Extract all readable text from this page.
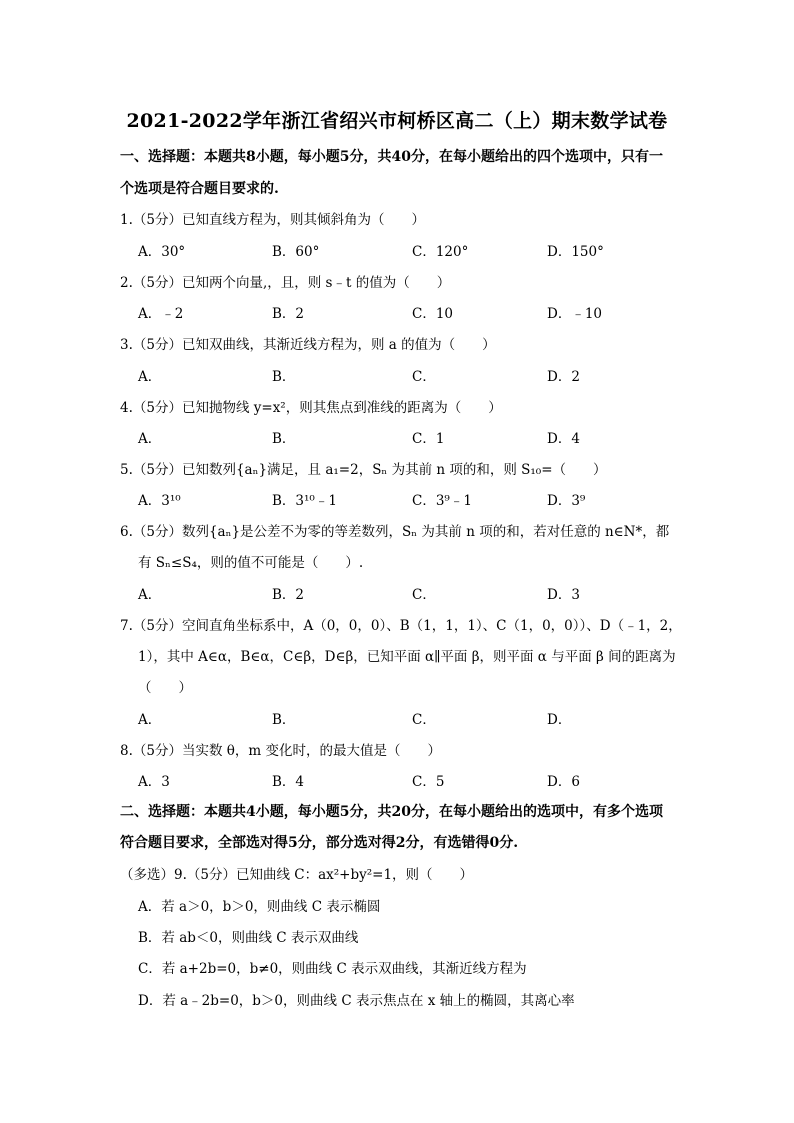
2021-2022学年浙江省绍兴市柯桥区高二（上）期末数学试卷
一、选择题：本题共8小题，每小题5分，共40分，在每小题给出的四个选项中，只有一
个选项是符合题目要求的.
1.（5分）已知直线方程为，则其倾斜角为（　　）
A．30°	B．60°	C．120°	D．150°
2.（5分）已知两个向量,，且，则 s﹣t 的值为（　　）
A．﹣2	B．2	C．10	D．﹣10
3.（5分）已知双曲线，其渐近线方程为，则 a 的值为（　　）
A．	B．	C．	D．2
4.（5分）已知抛物线 y=x²，则其焦点到准线的距离为（　　）
A．	B．	C．1	D．4
5.（5分）已知数列{aₙ}满足，且 a₁=2，Sₙ 为其前 n 项的和，则 S₁₀=（　　）
A．3¹⁰	B．3¹⁰﹣1	C．3⁹﹣1	D．3⁹
6.（5分）数列{aₙ}是公差不为零的等差数列，Sₙ 为其前 n 项的和，若对任意的 n∈N*，都
有 Sₙ≤S₄，则的值不可能是（　　）.
A．	B．2	C．	D．3
7.（5分）空间直角坐标系中，A（0，0，0）、B（1，1，1）、C（1，0，0））、D（﹣1，2，
1），其中 A∈α，B∈α，C∈β，D∈β，已知平面 α∥平面 β，则平面 α 与平面 β 间的距离为
（　　）
A．	B．	C．	D．
8.（5分）当实数 θ，m 变化时，的最大值是（　　）
A．3	B．4	C．5	D．6
二、选择题：本题共4小题，每小题5分，共20分，在每小题给出的选项中，有多个选项
符合题目要求，全部选对得5分，部分选对得2分，有选错得0分.
（多选）9.（5分）已知曲线 C：ax²+by²=1，则（　　）
A．若 a＞0，b＞0，则曲线 C 表示椭圆
B．若 ab＜0，则曲线 C 表示双曲线
C．若 a+2b=0，b≠0，则曲线 C 表示双曲线，其渐近线方程为
D．若 a﹣2b=0，b＞0，则曲线 C 表示焦点在 x 轴上的椭圆，其离心率
